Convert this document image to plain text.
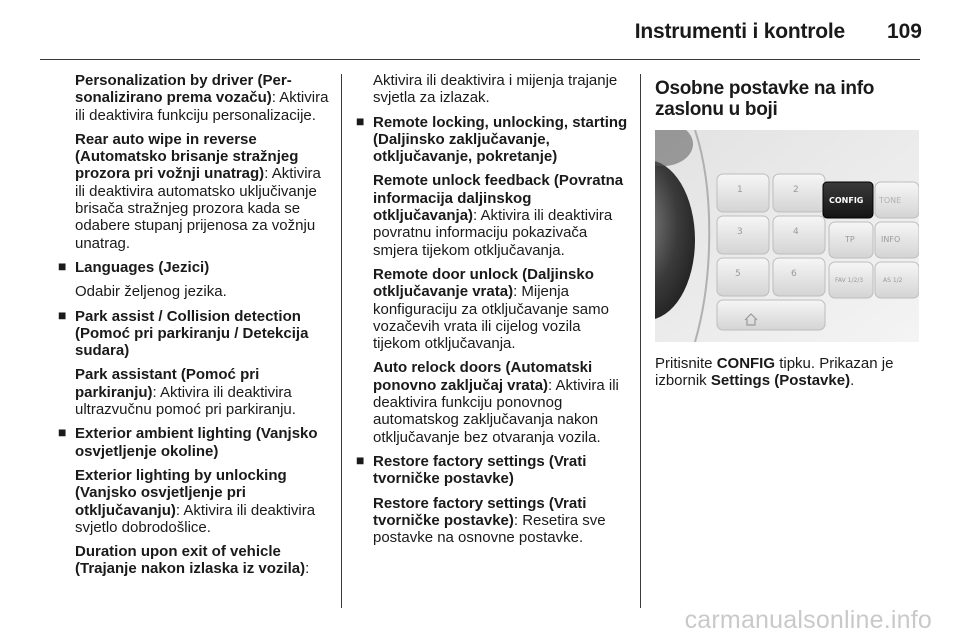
Instrumenti i kontrole 109
Personalization by driver (Per-sonalizirano prema vozaču): Aktivira ili deaktivira funkciju personalizacije.
Rear auto wipe in reverse (Automatsko brisanje stražnjeg prozora pri vožnji unatrag): Aktivira ili deaktivira automatsko uključivanje brisača stražnjeg prozora kada se odabere stupanj prijenosa za vožnju unatrag.
■ Languages (Jezici)
Odabir željenog jezika.
■ Park assist / Collision detection (Pomoć pri parkiranju / Detekcija sudara)
Park assistant (Pomoć pri parkiranju): Aktivira ili deaktivira ultrazvučnu pomoć pri parkiranju.
■ Exterior ambient lighting (Vanjsko osvjetljenje okoline)
Exterior lighting by unlocking (Vanjsko osvjetljenje pri otključavanju): Aktivira ili deaktivira svjetlo dobrodošlice.
Duration upon exit of vehicle (Trajanje nakon izlaska iz vozila):
Aktivira ili deaktivira i mijenja trajanje svjetla za izlazak.
■ Remote locking, unlocking, starting (Daljinsko zaključavanje, otključavanje, pokretanje)
Remote unlock feedback (Povratna informacija daljinskog otključavanja): Aktivira ili deaktivira povratnu informaciju pokazivača smjera tijekom otključavanja.
Remote door unlock (Daljinsko otključavanje vrata): Mijenja konfiguraciju za otključavanje samo vozačevih vrata ili cijelog vozila tijekom otključavanja.
Auto relock doors (Automatski ponovno zaključaj vrata): Aktivira ili deaktivira funkciju ponovnog automatskog zaključavanja nakon otključavanje bez otvaranja vozila.
■ Restore factory settings (Vrati tvorničke postavke)
Restore factory settings (Vrati tvorničke postavke): Resetira sve postavke na osnovne postavke.
Osobne postavke na info zaslonu u boji
1	2
3	4
5	6
TP	INFO
FAV 1/2/3	AS 1/2
CONFIG TONE
Pritisnite CONFIG tipku. Prikazan je izbornik Settings (Postavke).
carmanualsonline.info
